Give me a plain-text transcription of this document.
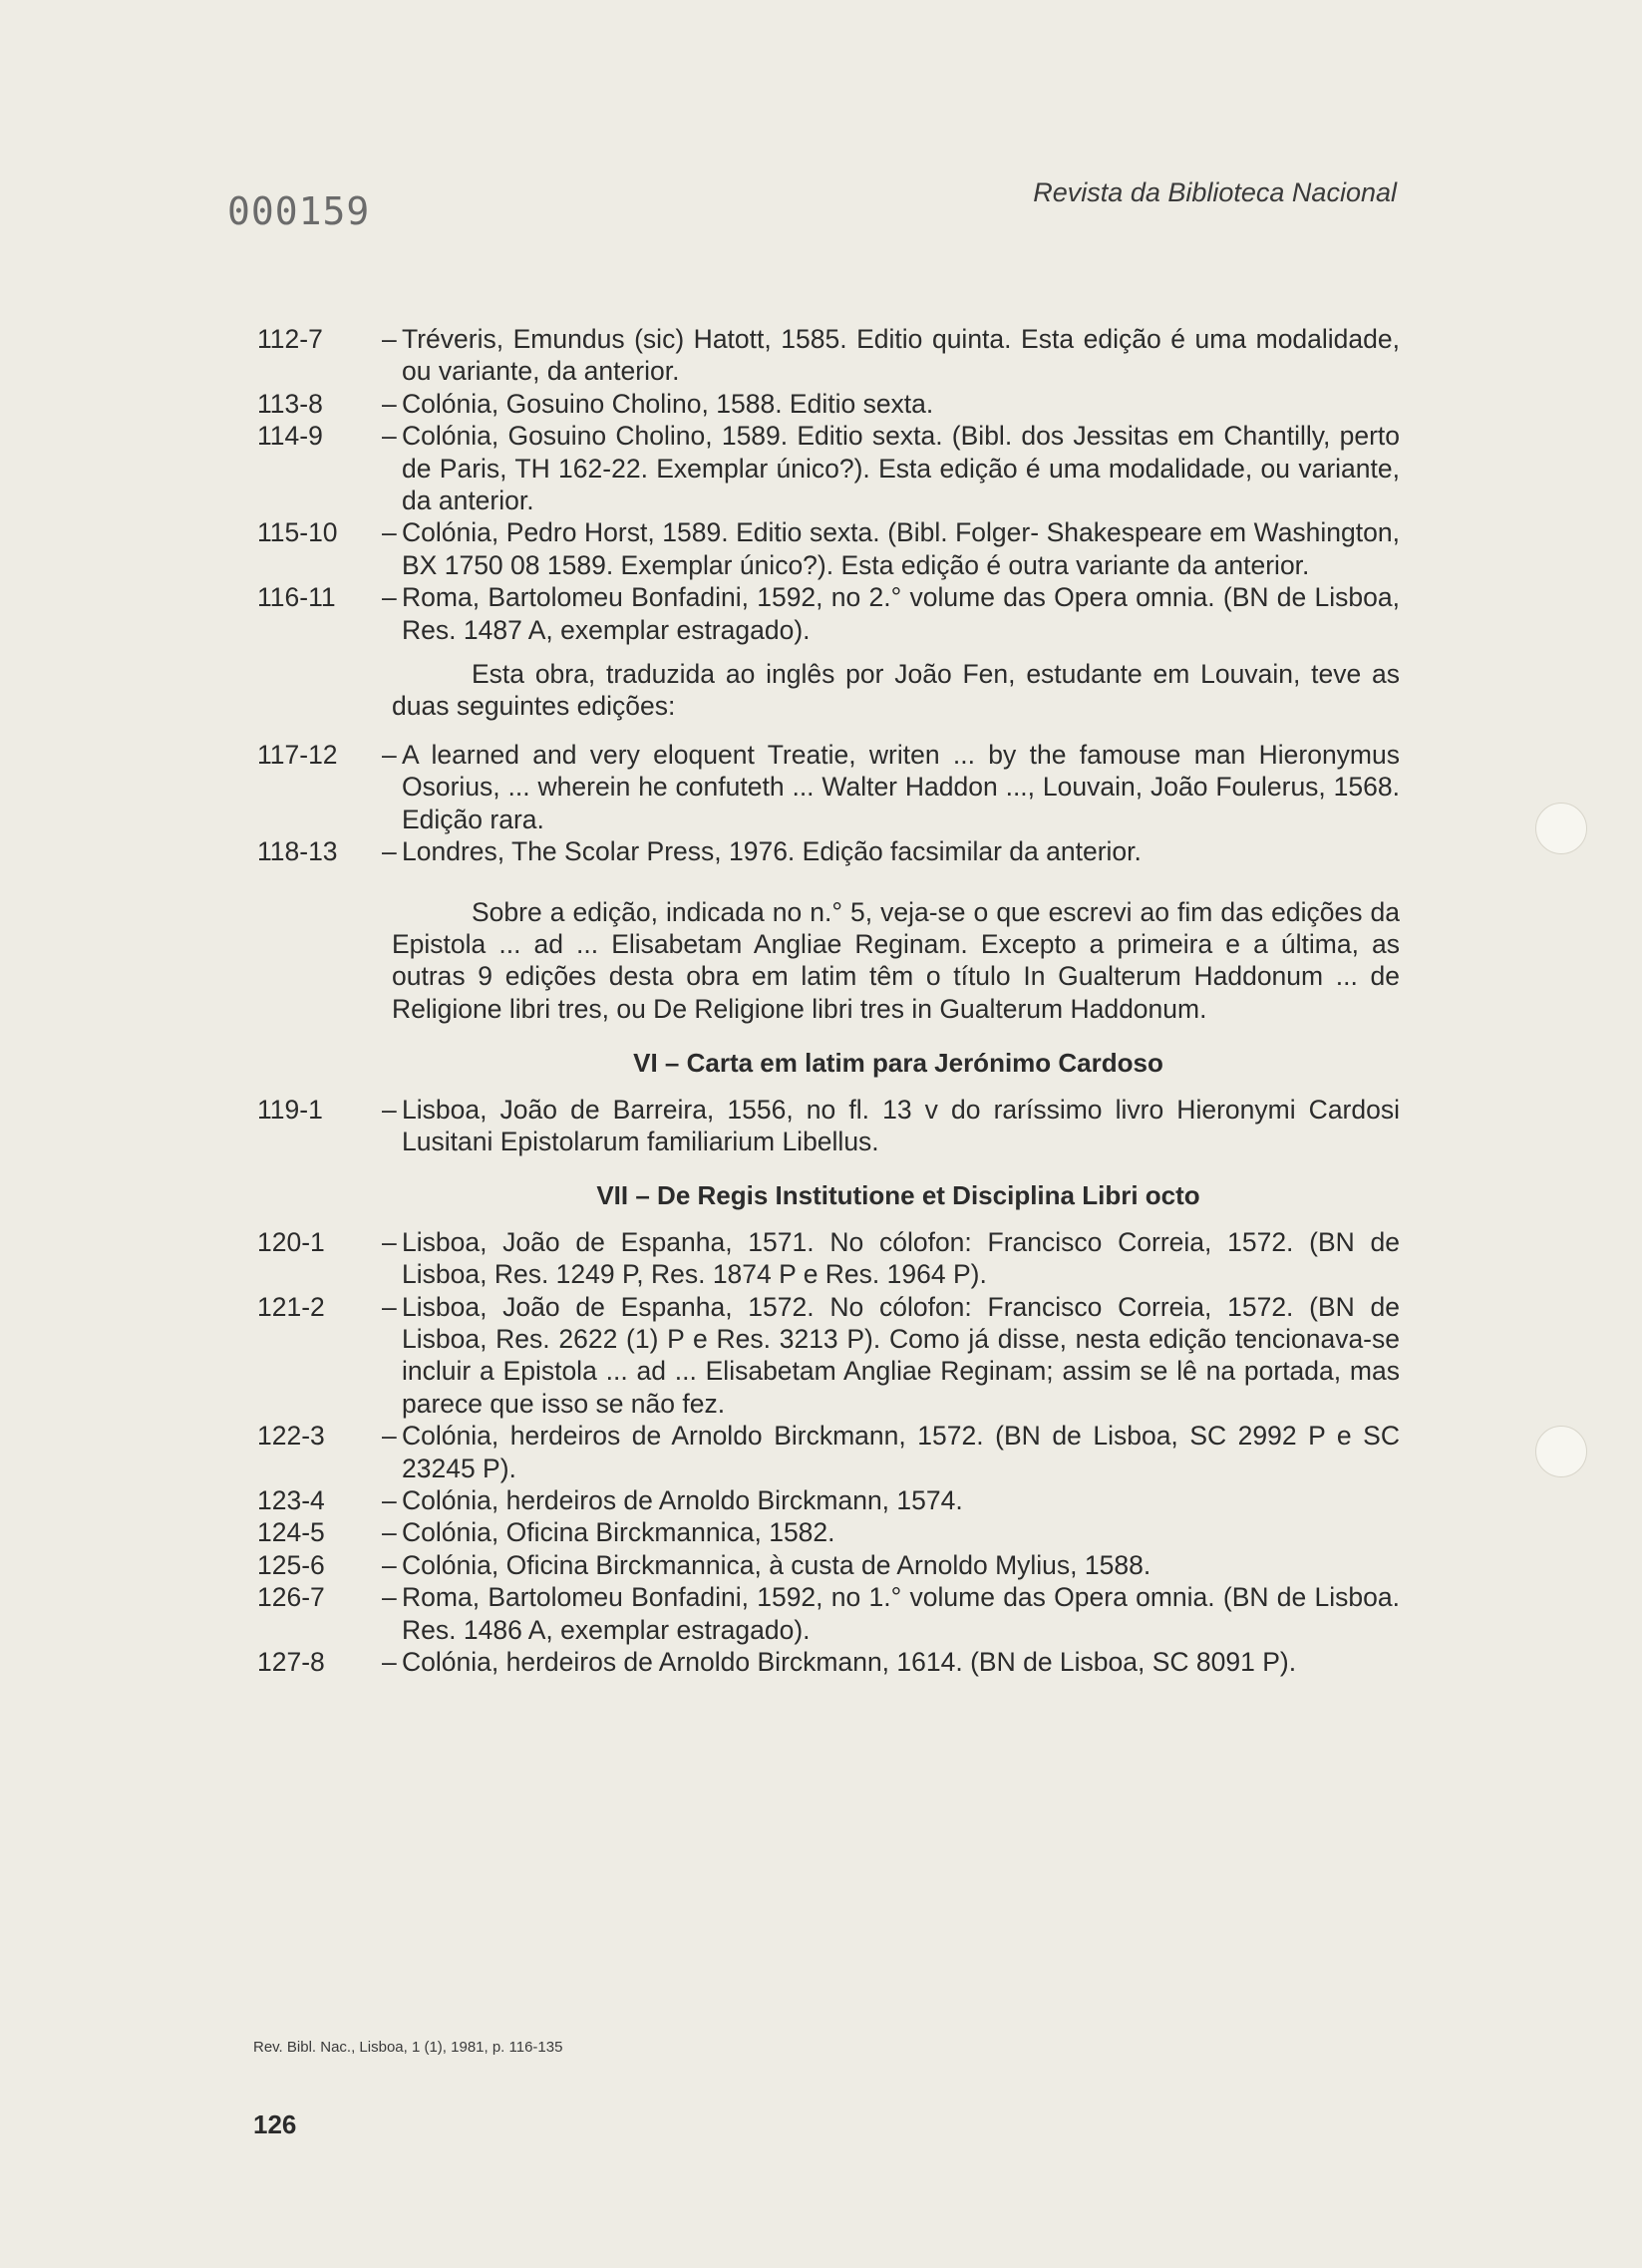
000159	Revista da Biblioteca Nacional
112-7	– Tréveris, Emundus (sic) Hatott, 1585. Editio quinta. Esta edição é uma modalidade, ou variante, da anterior.
113-8	– Colónia, Gosuino Cholino, 1588. Editio sexta.
114-9	– Colónia, Gosuino Cholino, 1589. Editio sexta. (Bibl. dos Jessitas em Chantilly, perto de Paris, TH 162-22. Exemplar único?). Esta edição é uma modalidade, ou variante, da anterior.
115-10	– Colónia, Pedro Horst, 1589. Editio sexta. (Bibl. Folger- Shakespeare em Washington, BX 1750 08 1589. Exemplar único?). Esta edição é outra variante da anterior.
116-11	– Roma, Bartolomeu Bonfadini, 1592, no 2.° volume das Opera omnia. (BN de Lisboa, Res. 1487 A, exemplar estragado).
Esta obra, traduzida ao inglês por João Fen, estudante em Louvain, teve as duas seguintes edições:
117-12	– A learned and very eloquent Treatie, writen ... by the famouse man Hieronymus Osorius, ... wherein he confuteth ... Walter Haddon ..., Louvain, João Foulerus, 1568. Edição rara.
118-13	– Londres, The Scolar Press, 1976. Edição facsimilar da anterior.
Sobre a edição, indicada no n.° 5, veja-se o que escrevi ao fim das edições da Epistola ... ad ... Elisabetam Angliae Reginam. Excepto a primeira e a última, as outras 9 edições desta obra em latim têm o título In Gualterum Haddonum ... de Religione libri tres, ou De Religione libri tres in Gualterum Haddonum.
VI – Carta em latim para Jerónimo Cardoso
119-1	– Lisboa, João de Barreira, 1556, no fl. 13 v do raríssimo livro Hieronymi Cardosi Lusitani Epistolarum familiarium Libellus.
VII – De Regis Institutione et Disciplina Libri octo
120-1	– Lisboa, João de Espanha, 1571. No cólofon: Francisco Correia, 1572. (BN de Lisboa, Res. 1249 P, Res. 1874 P e Res. 1964 P).
121-2	– Lisboa, João de Espanha, 1572. No cólofon: Francisco Correia, 1572. (BN de Lisboa, Res. 2622 (1) P e Res. 3213 P). Como já disse, nesta edição tencionava-se incluir a Epistola ... ad ... Elisabetam Angliae Reginam; assim se lê na portada, mas parece que isso se não fez.
122-3	– Colónia, herdeiros de Arnoldo Birckmann, 1572. (BN de Lisboa, SC 2992 P e SC 23245 P).
123-4	– Colónia, herdeiros de Arnoldo Birckmann, 1574.
124-5	– Colónia, Oficina Birckmannica, 1582.
125-6	– Colónia, Oficina Birckmannica, à custa de Arnoldo Mylius, 1588.
126-7	– Roma, Bartolomeu Bonfadini, 1592, no 1.° volume das Opera omnia. (BN de Lisboa. Res. 1486 A, exemplar estragado).
127-8	– Colónia, herdeiros de Arnoldo Birckmann, 1614. (BN de Lisboa, SC 8091 P).
Rev. Bibl. Nac., Lisboa, 1 (1), 1981, p. 116-135
126
